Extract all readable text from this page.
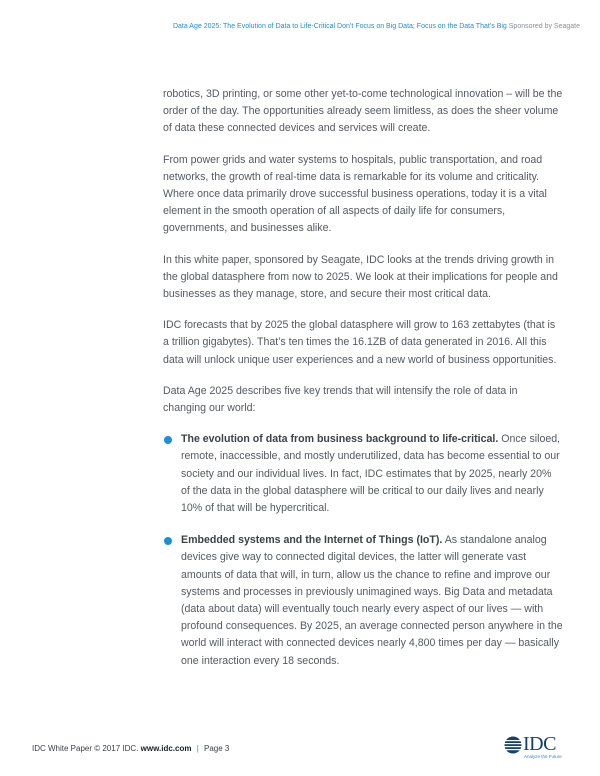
Data Age 2025: The Evolution of Data to Life-Critical Don’t Focus on Big Data; Focus on the Data That’s Big Sponsored by Seagate

robotics, 3D printing, or some other yet-to-come technological innovation – will be the order of the day. The opportunities already seem limitless, as does the sheer volume of data these connected devices and services will create.

From power grids and water systems to hospitals, public transportation, and road networks, the growth of real-time data is remarkable for its volume and criticality. Where once data primarily drove successful business operations, today it is a vital element in the smooth operation of all aspects of daily life for consumers, governments, and businesses alike.

In this white paper, sponsored by Seagate, IDC looks at the trends driving growth in the global datasphere from now to 2025. We look at their implications for people and businesses as they manage, store, and secure their most critical data.

IDC forecasts that by 2025 the global datasphere will grow to 163 zettabytes (that is a trillion gigabytes). That’s ten times the 16.1ZB of data generated in 2016. All this data will unlock unique user experiences and a new world of business opportunities.

Data Age 2025 describes five key trends that will intensify the role of data in changing our world:

The evolution of data from business background to life-critical. Once siloed, remote, inaccessible, and mostly underutilized, data has become essential to our society and our individual lives. In fact, IDC estimates that by 2025, nearly 20% of the data in the global datasphere will be critical to our daily lives and nearly 10% of that will be hypercritical.
Embedded systems and the Internet of Things (IoT). As standalone analog devices give way to connected digital devices, the latter will generate vast amounts of data that will, in turn, allow us the chance to refine and improve our systems and processes in previously unimagined ways. Big Data and metadata (data about data) will eventually touch nearly every aspect of our lives — with profound consequences. By 2025, an average connected person anywhere in the world will interact with connected devices nearly 4,800 times per day — basically one interaction every 18 seconds.
IDC White Paper © 2017 IDC. www.idc.com | Page 3	IDC
Analyze the Future
